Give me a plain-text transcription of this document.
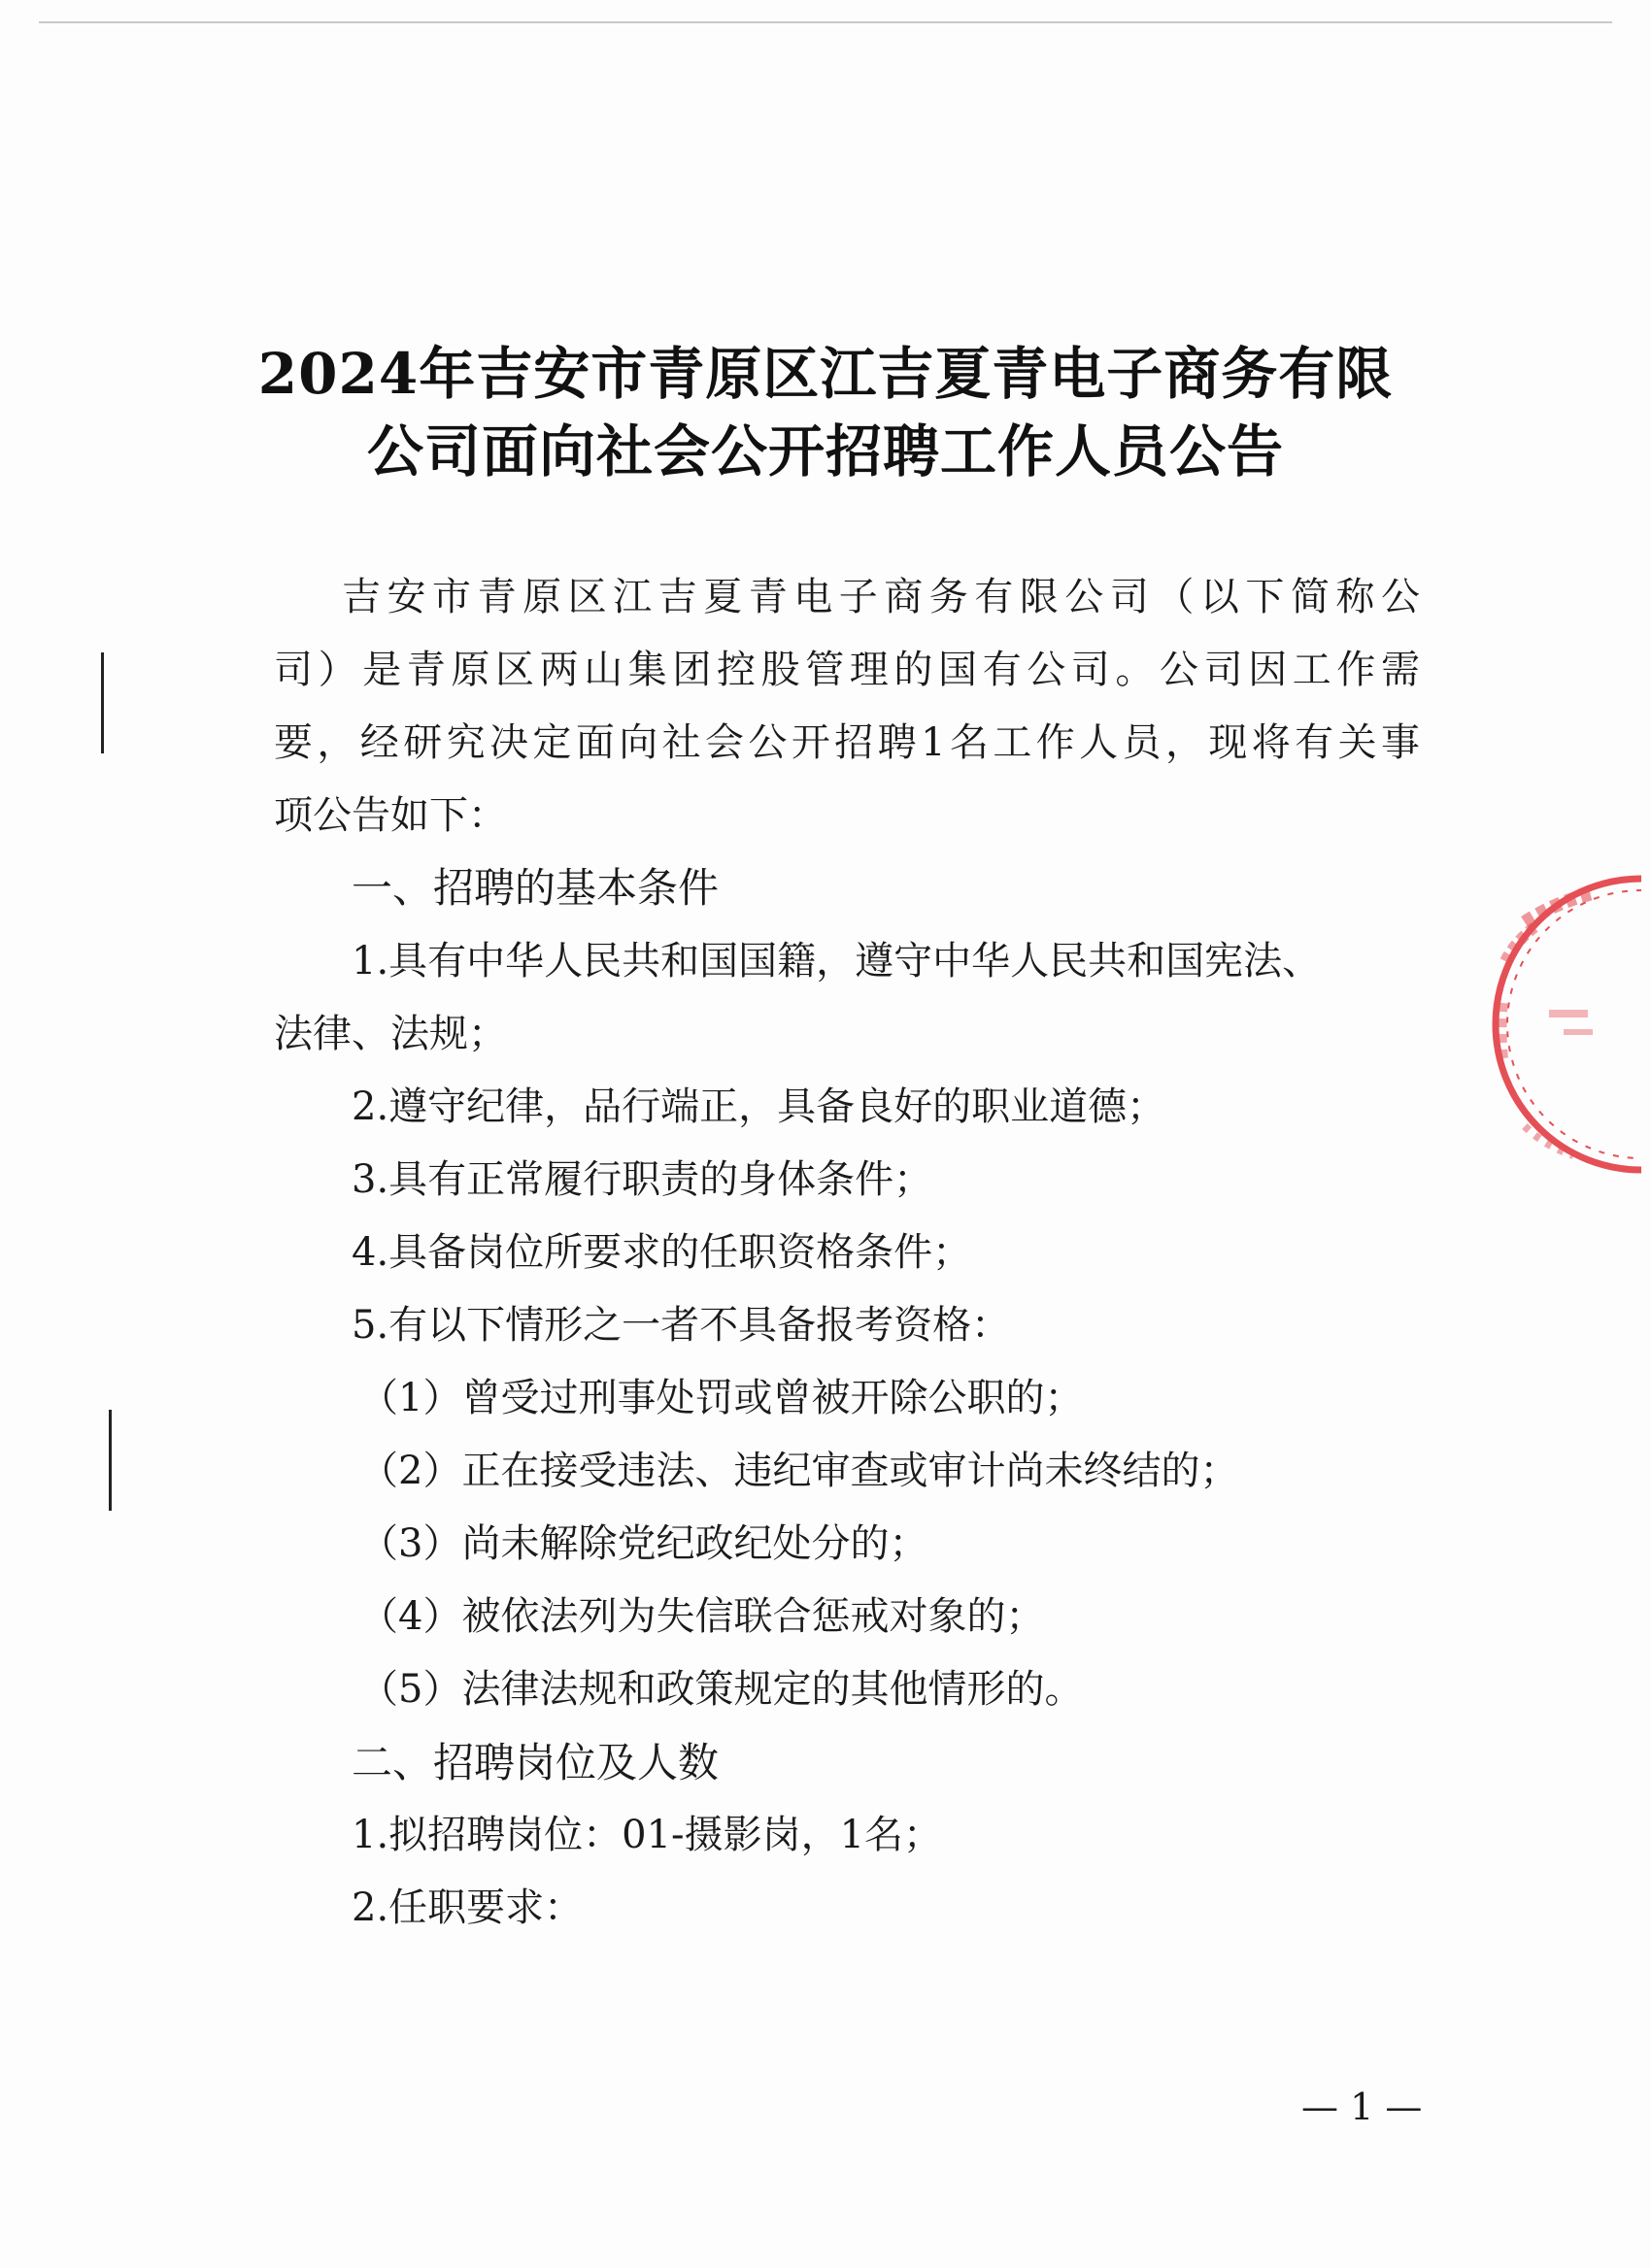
2024年吉安市青原区江吉夏青电子商务有限
公司面向社会公开招聘工作人员公告
吉安市青原区江吉夏青电子商务有限公司（以下简称公
司）是青原区两山集团控股管理的国有公司。公司因工作需
要，经研究决定面向社会公开招聘1名工作人员，现将有关事
项公告如下：
一、招聘的基本条件
1.具有中华人民共和国国籍，遵守中华人民共和国宪法、
法律、法规；
2.遵守纪律，品行端正，具备良好的职业道德；
3.具有正常履行职责的身体条件；
4.具备岗位所要求的任职资格条件；
5.有以下情形之一者不具备报考资格：
（1）曾受过刑事处罚或曾被开除公职的；
（2）正在接受违法、违纪审查或审计尚未终结的；
（3）尚未解除党纪政纪处分的；
（4）被依法列为失信联合惩戒对象的；
（5）法律法规和政策规定的其他情形的。
二、招聘岗位及人数
1.拟招聘岗位：01-摄影岗，1名；
2.任职要求：
— 1 —
